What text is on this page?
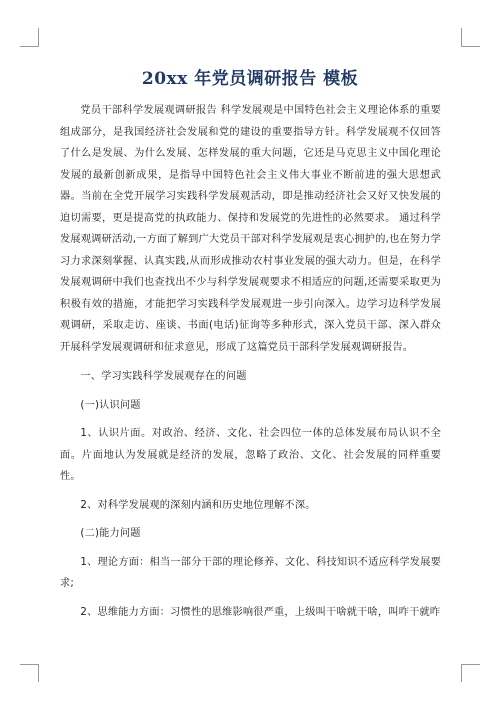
20xx 年党员调研报告 模板

党员干部科学发展观调研报告 科学发展观是中国特色社会主义理论体系的重要组成部分，是我国经济社会发展和党的建设的重要指导方针。科学发展观不仅回答了什么是发展、为什么发展、怎样发展的重大问题，它还是马克思主义中国化理论发展的最新创新成果，是指导中国特色社会主义伟大事业不断前进的强大思想武器。当前在全党开展学习实践科学发展观活动，即是推动经济社会又好又快发展的迫切需要，更是提高党的执政能力、保持和发展党的先进性的必然要求。 通过科学发展观调研活动,一方面了解到广大党员干部对科学发展观是衷心拥护的,也在努力学习力求深刻掌握、认真实践,从而形成推动农村事业发展的强大动力。但是，在科学发展观调研中我们也查找出不少与科学发展观要求不相适应的问题,还需要采取更为积极有效的措施，才能把学习实践科学发展观进一步引向深入。边学习边科学发展观调研，采取走访、座谈、书面(电话)征询等多种形式，深入党员干部、深入群众开展科学发展观调研和征求意见，形成了这篇党员干部科学发展观调研报告。

一、学习实践科学发展观存在的问题

(一)认识问题

1、认识片面。对政治、经济、文化、社会四位一体的总体发展布局认识不全面。片面地认为发展就是经济的发展，忽略了政治、文化、社会发展的同样重要性。

2、对科学发展观的深刻内涵和历史地位理解不深。

(二)能力问题

1、理论方面：相当一部分干部的理论修养、文化、科技知识不适应科学发展要求;

2、思维能力方面：习惯性的思维影响很严重，上级叫干啥就干啥，叫咋干就咋
